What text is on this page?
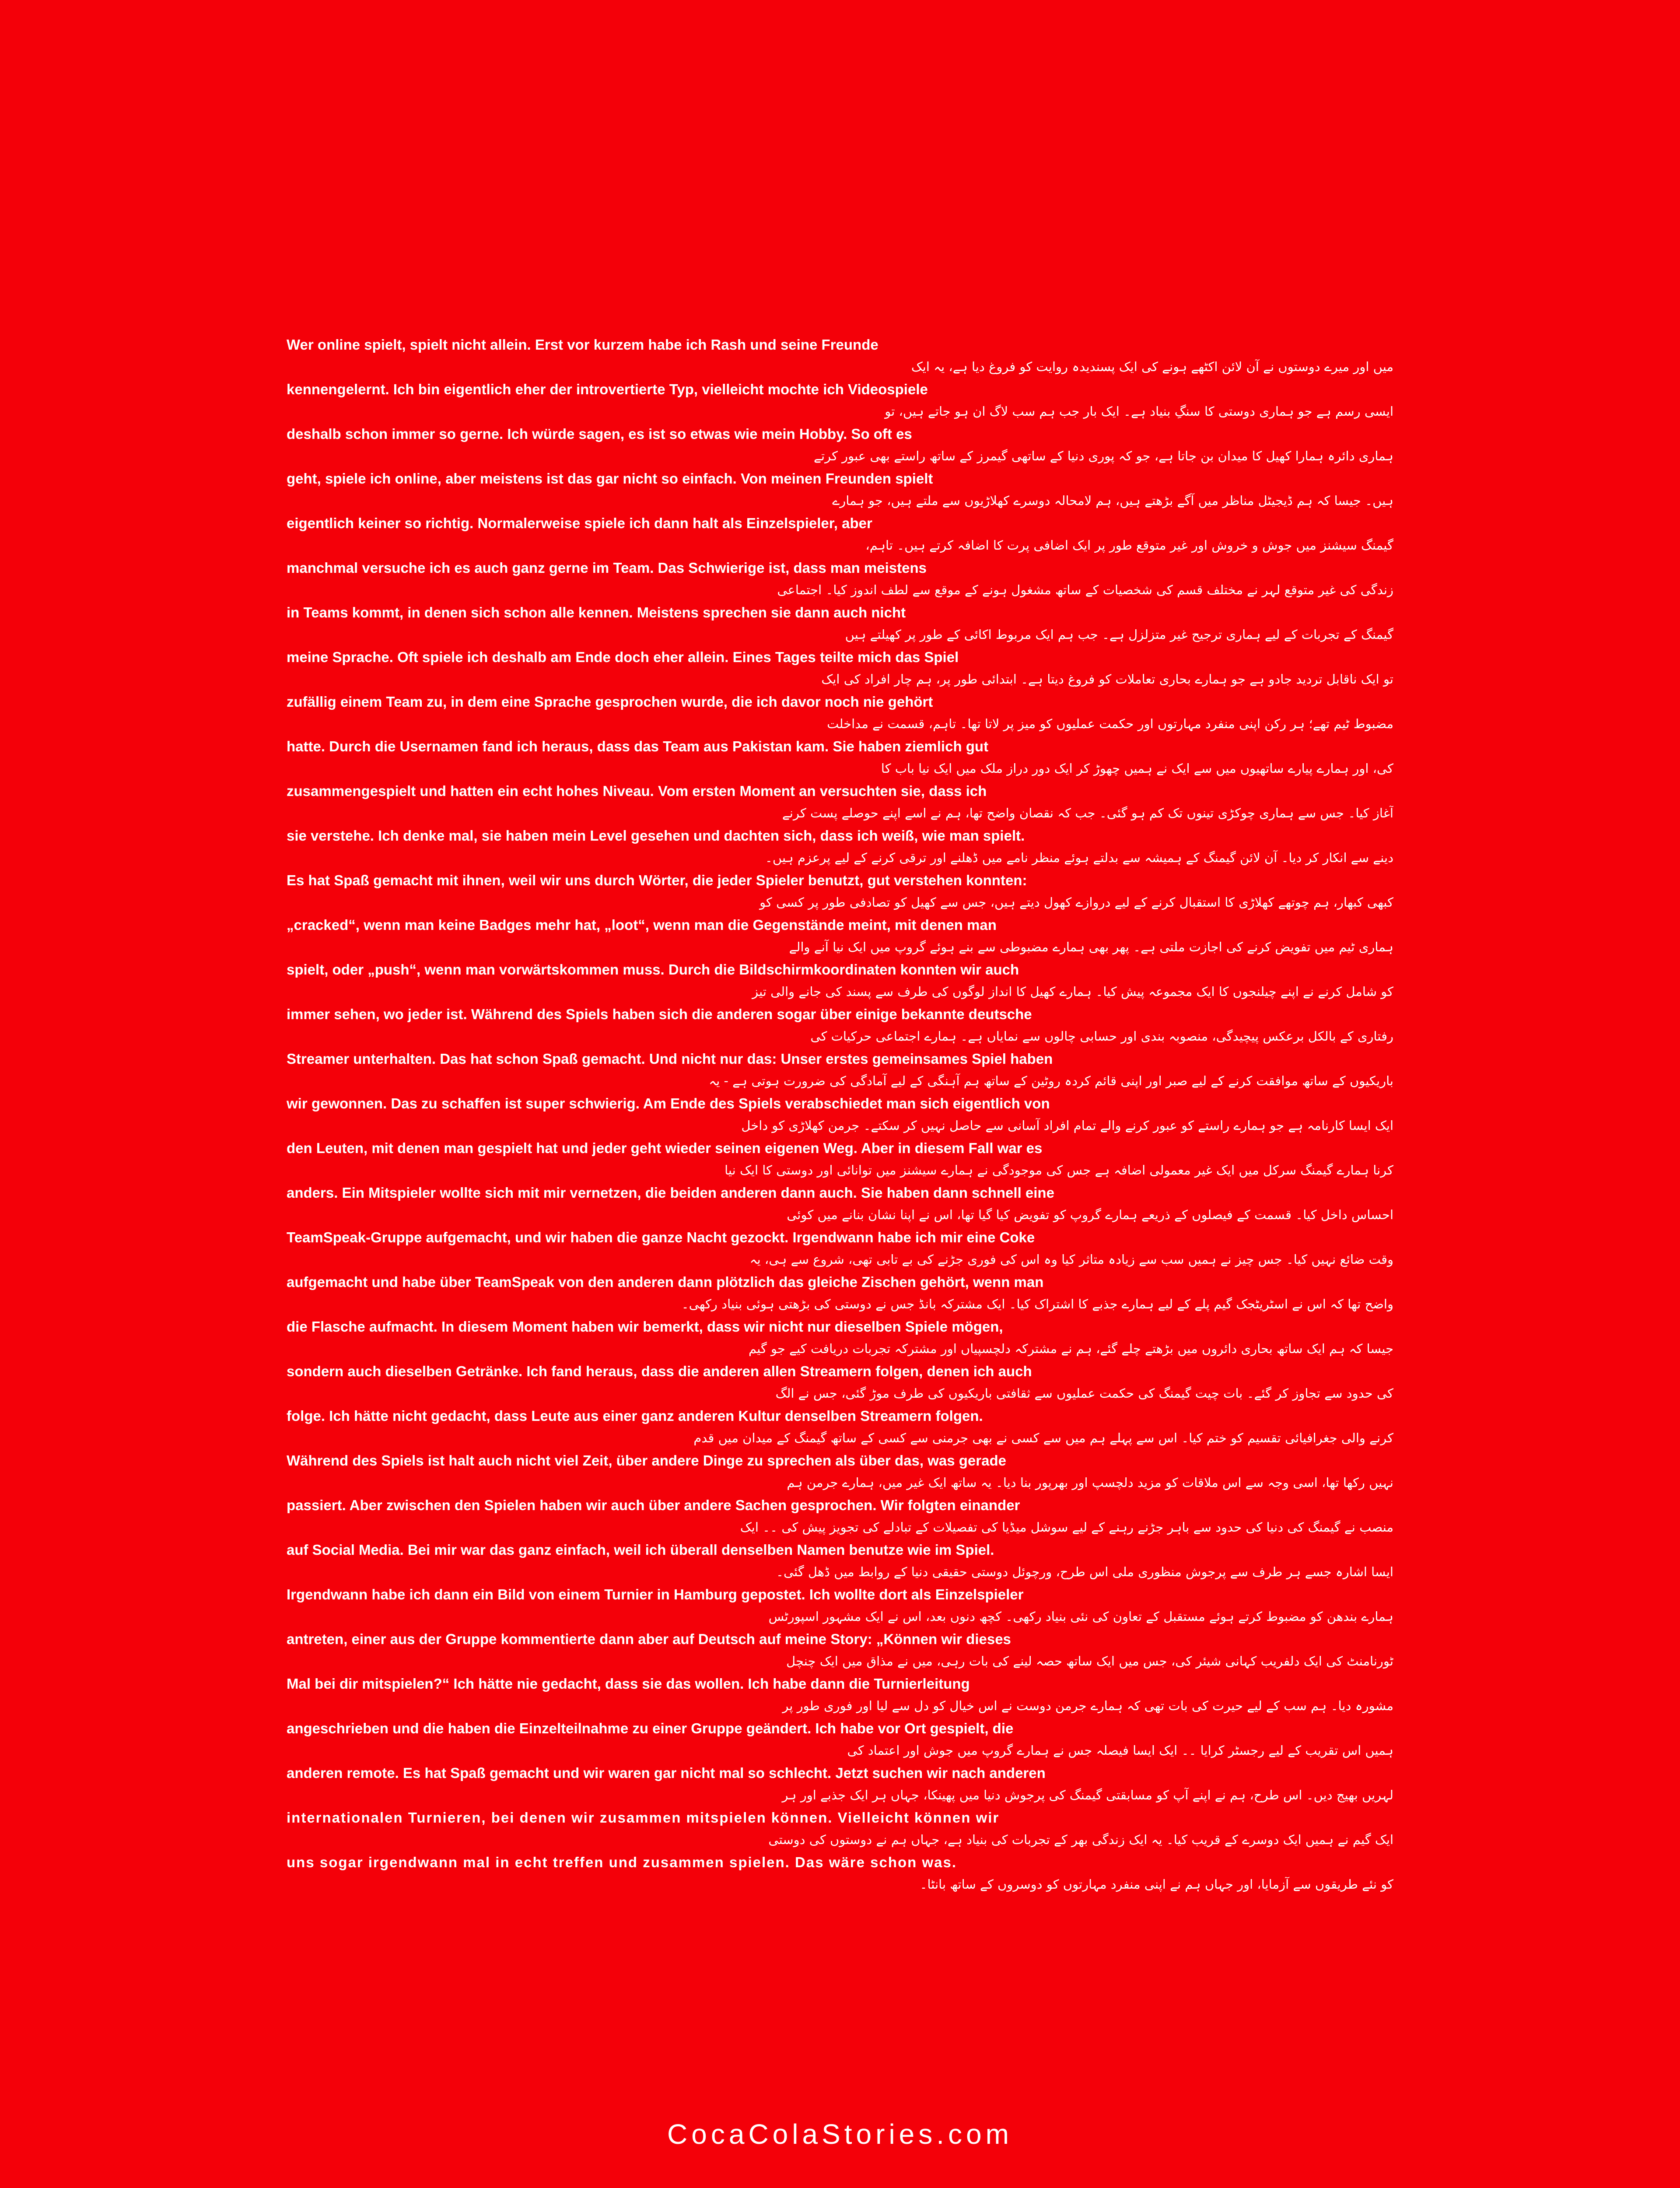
Wer online spielt, spielt nicht allein. Erst vor kurzem habe ich Rash und seine Freunde
میں اور میرے دوستوں نے آن لائن اکٹھے ہونے کی ایک پسندیدہ روایت کو فروغ دیا ہے، یہ ایک
kennengelernt. Ich bin eigentlich eher der introvertierte Typ, vielleicht mochte ich Videospiele
ایسی رسم ہے جو ہماری دوستی کا سنگِ بنیاد ہے۔ ایک بار جب ہم سب لاگ ان ہو جاتے ہیں، تو
deshalb schon immer so gerne. Ich würde sagen, es ist so etwas wie mein Hobby. So oft es
ہماری دائرہ ہمارا کھیل کا میدان بن جاتا ہے، جو کہ پوری دنیا کے ساتھی گیمرز کے ساتھ راستے بھی عبور کرتے
geht, spiele ich online, aber meistens ist das gar nicht so einfach. Von meinen Freunden spielt
ہیں۔ جیسا کہ ہم ڈیجیٹل مناظر میں آگے بڑھتے ہیں، ہم لامحالہ دوسرے کھلاڑیوں سے ملتے ہیں، جو ہمارے
eigentlich keiner so richtig. Normalerweise spiele ich dann halt als Einzelspieler, aber
گیمنگ سیشنز میں جوش و خروش اور غیر متوقع طور پر ایک اضافی پرت کا اضافہ کرتے ہیں۔ تاہم،
manchmal versuche ich es auch ganz gerne im Team. Das Schwierige ist, dass man meistens
زندگی کی غیر متوقع لہر نے مختلف قسم کی شخصیات کے ساتھ مشغول ہونے کے موقع سے لطف اندوز کیا۔ اجتماعی
in Teams kommt, in denen sich schon alle kennen. Meistens sprechen sie dann auch nicht
گیمنگ کے تجربات کے لیے ہماری ترجیح غیر متزلزل ہے۔ جب ہم ایک مربوط اکائی کے طور پر کھیلتے ہیں
meine Sprache. Oft spiele ich deshalb am Ende doch eher allein. Eines Tages teilte mich das Spiel
تو ایک ناقابل تردید جادو ہے جو ہمارے بحاری تعاملات کو فروغ دیتا ہے۔ ابتدائی طور پر، ہم چار افراد کی ایک
zufällig einem Team zu, in dem eine Sprache gesprochen wurde, die ich davor noch nie gehört
مضبوط ٹیم تھے؛ ہر رکن اپنی منفرد مہارتوں اور حکمت عملیوں کو میز پر لاتا تھا۔ تاہم، قسمت نے مداخلت
hatte. Durch die Usernamen fand ich heraus, dass das Team aus Pakistan kam. Sie haben ziemlich gut
کی، اور ہمارے پیارے ساتھیوں میں سے ایک نے ہمیں چھوڑ کر ایک دور دراز ملک میں ایک نیا باب کا
zusammengespielt und hatten ein echt hohes Niveau. Vom ersten Moment an versuchten sie, dass ich
آغاز کیا۔ جس سے ہماری چوکڑی تینوں تک کم ہو گئی۔ جب کہ نقصان واضح تھا، ہم نے اسے اپنے حوصلے پست کرنے
sie verstehe. Ich denke mal, sie haben mein Level gesehen und dachten sich, dass ich weiß, wie man spielt.
دینے سے انکار کر دیا۔ آن لائن گیمنگ کے ہمیشہ سے بدلتے ہوئے منظر نامے میں ڈھلنے اور ترقی کرنے کے لیے پرعزم ہیں۔
Es hat Spaß gemacht mit ihnen, weil wir uns durch Wörter, die jeder Spieler benutzt, gut verstehen konnten:
کبھی کبھار، ہم چوتھے کھلاڑی کا استقبال کرنے کے لیے دروازے کھول دیتے ہیں، جس سے کھیل کو تصادفی طور پر کسی کو
„cracked“, wenn man keine Badges mehr hat, „loot“, wenn man die Gegenstände meint, mit denen man
ہماری ٹیم میں تفویض کرنے کی اجازت ملتی ہے۔ پھر بھی ہمارے مضبوطی سے بنے ہوئے گروپ میں ایک نیا آنے والے
spielt, oder „push“, wenn man vorwärtskommen muss. Durch die Bildschirmkoordinaten konnten wir auch
کو شامل کرنے نے اپنے چیلنجوں کا ایک مجموعہ پیش کیا۔ ہمارے کھیل کا انداز لوگوں کی طرف سے پسند کی جانے والی تیز
immer sehen, wo jeder ist. Während des Spiels haben sich die anderen sogar über einige bekannte deutsche
رفتاری کے بالکل برعکس پیچیدگی، منصوبہ بندی اور حسابی چالوں سے نمایاں ہے۔ ہمارے اجتماعی حرکیات کی
Streamer unterhalten. Das hat schon Spaß gemacht. Und nicht nur das: Unser erstes gemeinsames Spiel haben
باریکیوں کے ساتھ موافقت کرنے کے لیے صبر اور اپنی قائم کردہ روٹین کے ساتھ ہم آہنگی کے لیے آمادگی کی ضرورت ہوتی ہے - یہ
wir gewonnen. Das zu schaffen ist super schwierig. Am Ende des Spiels verabschiedet man sich eigentlich von
ایک ایسا کارنامہ ہے جو ہمارے راستے کو عبور کرنے والے تمام افراد آسانی سے حاصل نہیں کر سکتے۔ جرمن کھلاڑی کو داخل
den Leuten, mit denen man gespielt hat und jeder geht wieder seinen eigenen Weg. Aber in diesem Fall war es
کرنا ہمارے گیمنگ سرکل میں ایک غیر معمولی اضافہ ہے جس کی موجودگی نے ہمارے سیشنز میں توانائی اور دوستی کا ایک نیا
anders. Ein Mitspieler wollte sich mit mir vernetzen, die beiden anderen dann auch. Sie haben dann schnell eine
احساس داخل کیا۔ قسمت کے فیصلوں کے ذریعے ہمارے گروپ کو تفویض کیا گیا تھا، اس نے اپنا نشان بنانے میں کوئی
TeamSpeak-Gruppe aufgemacht, und wir haben die ganze Nacht gezockt. Irgendwann habe ich mir eine Coke
وقت ضائع نہیں کیا۔ جس چیز نے ہمیں سب سے زیادہ متاثر کیا وہ اس کی فوری جڑنے کی بے تابی تھی، شروع سے ہی، یہ
aufgemacht und habe über TeamSpeak von den anderen dann plötzlich das gleiche Zischen gehört, wenn man
واضح تھا کہ اس نے اسٹریٹجک گیم پلے کے لیے ہمارے جذبے کا اشتراک کیا۔ ایک مشترکہ بانڈ جس نے دوستی کی بڑھتی ہوئی بنیاد رکھی۔
die Flasche aufmacht. In diesem Moment haben wir bemerkt, dass wir nicht nur dieselben Spiele mögen,
جیسا کہ ہم ایک ساتھ بحاری دائروں میں بڑھتے چلے گئے، ہم نے مشترکہ دلچسپیاں اور مشترکہ تجربات دریافت کیے جو گیم
sondern auch dieselben Getränke. Ich fand heraus, dass die anderen allen Streamern folgen, denen ich auch
کی حدود سے تجاوز کر گئے۔ بات چیت گیمنگ کی حکمت عملیوں سے ثقافتی باریکیوں کی طرف موڑ گئی، جس نے الگ
folge. Ich hätte nicht gedacht, dass Leute aus einer ganz anderen Kultur denselben Streamern folgen.
کرنے والی جغرافیائی تقسیم کو ختم کیا۔ اس سے پہلے ہم میں سے کسی نے بھی جرمنی سے کسی کے ساتھ گیمنگ کے میدان میں قدم
Während des Spiels ist halt auch nicht viel Zeit, über andere Dinge zu sprechen als über das, was gerade
نہیں رکھا تھا، اسی وجہ سے اس ملاقات کو مزید دلچسپ اور بھرپور بنا دیا۔ یہ ساتھ ایک غیر میں، ہمارے جرمن ہم
passiert. Aber zwischen den Spielen haben wir auch über andere Sachen gesprochen. Wir folgten einander
منصب نے گیمنگ کی دنیا کی حدود سے باہر جڑنے رہنے کے لیے سوشل میڈیا کی تفصیلات کے تبادلے کی تجویز پیش کی ۔۔ ایک
auf Social Media. Bei mir war das ganz einfach, weil ich überall denselben Namen benutze wie im Spiel.
ایسا اشارہ جسے ہر طرف سے پرجوش منظوری ملی اس طرح، ورچوئل دوستی حقیقی دنیا کے روابط میں ڈھل گئی۔
Irgendwann habe ich dann ein Bild von einem Turnier in Hamburg gepostet. Ich wollte dort als Einzelspieler
ہمارے بندھن کو مضبوط کرتے ہوئے مستقبل کے تعاون کی نئی بنیاد رکھی۔ کچھ دنوں بعد، اس نے ایک مشہور اسپورٹس
antreten, einer aus der Gruppe kommentierte dann aber auf Deutsch auf meine Story: „Können wir dieses
ٹورنامنٹ کی ایک دلفریب کہانی شیئر کی، جس میں ایک ساتھ حصہ لینے کی بات رہی، میں نے مذاق میں ایک چنچل
Mal bei dir mitspielen?“ Ich hätte nie gedacht, dass sie das wollen. Ich habe dann die Turnierleitung
مشورہ دیا۔ ہم سب کے لیے حیرت کی بات تھی کہ ہمارے جرمن دوست نے اس خیال کو دل سے لیا اور فوری طور پر
angeschrieben und die haben die Einzelteilnahme zu einer Gruppe geändert. Ich habe vor Ort gespielt, die
ہمیں اس تقریب کے لیے رجسٹر کرایا ۔۔ ایک ایسا فیصلہ جس نے ہمارے گروپ میں جوش اور اعتماد کی
anderen remote. Es hat Spaß gemacht und wir waren gar nicht mal so schlecht. Jetzt suchen wir nach anderen
لہریں بھیج دیں۔ اس طرح، ہم نے اپنے آپ کو مسابقتی گیمنگ کی پرجوش دنیا میں پھینکا، جہاں ہر ایک جذبے اور ہر
internationalen Turnieren, bei denen wir zusammen mitspielen können. Vielleicht können wir
ایک گیم نے ہمیں ایک دوسرے کے قریب کیا۔ یہ ایک زندگی بھر کے تجربات کی بنیاد ہے، جہاں ہم نے دوستوں کی دوستی
uns sogar irgendwann mal in echt treffen und zusammen spielen. Das wäre schon was.
کو نئے طریقوں سے آزمایا، اور جہاں ہم نے اپنی منفرد مہارتوں کو دوسروں کے ساتھ بانٹا۔
CocaColaStories.com
